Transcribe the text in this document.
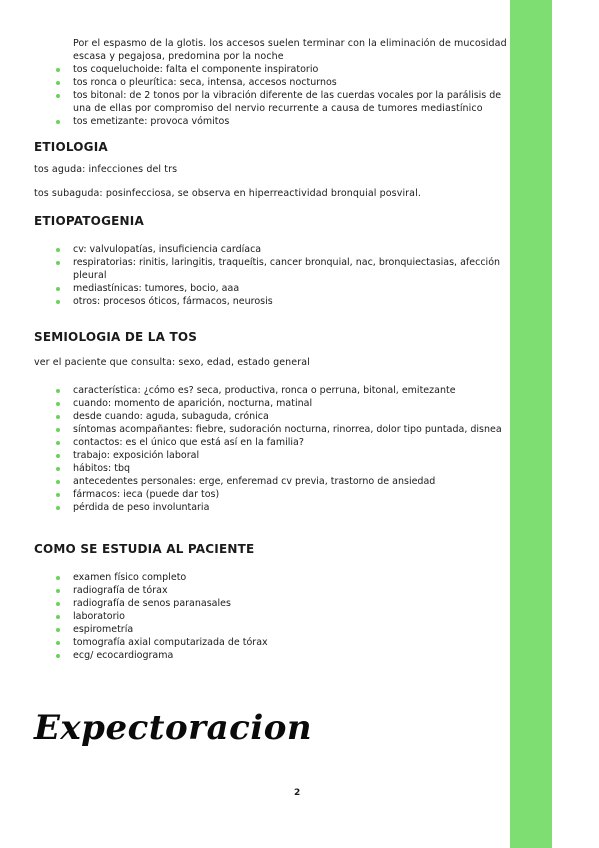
Por el espasmo de la glotis. los accesos suelen terminar con la eliminación de mucosidad
escasa y pegajosa, predomina por la noche
tos coqueluchoide: falta el componente inspiratorio
tos ronca o pleurítica: seca, intensa, accesos nocturnos
tos bitonal: de 2 tonos por la vibración diferente de las cuerdas vocales por la parálisis de
una de ellas por compromiso del nervio recurrente a causa de tumores mediastínico
tos emetizante: provoca vómitos
ETIOLOGIA
tos aguda: infecciones del trs
tos subaguda: posinfecciosa, se observa en hiperreactividad bronquial posviral.
ETIOPATOGENIA
cv: valvulopatías, insuficiencia cardíaca
respiratorias: rinitis, laringitis, traqueítis, cancer bronquial, nac, bronquiectasias, afección
pleural
mediastínicas: tumores, bocio, aaa
otros: procesos óticos, fármacos, neurosis
SEMIOLOGIA DE LA TOS
ver el paciente que consulta: sexo, edad, estado general
característica: ¿cómo es? seca, productiva, ronca o perruna, bitonal, emitezante
cuando: momento de aparición, nocturna, matinal
desde cuando: aguda, subaguda, crónica
síntomas acompañantes: fiebre, sudoración nocturna, rinorrea, dolor tipo puntada, disnea
contactos: es el único que está así en la familia?
trabajo: exposición laboral
hábitos: tbq
antecedentes personales: erge, enferemad cv previa, trastorno de ansiedad
fármacos: ieca (puede dar tos)
pérdida de peso involuntaria
COMO SE ESTUDIA AL PACIENTE
examen físico completo
radiografía de tórax
radiografía de senos paranasales
laboratorio
espirometría
tomografía axial computarizada de tórax
ecg/ ecocardiograma
Expectoracion
2
